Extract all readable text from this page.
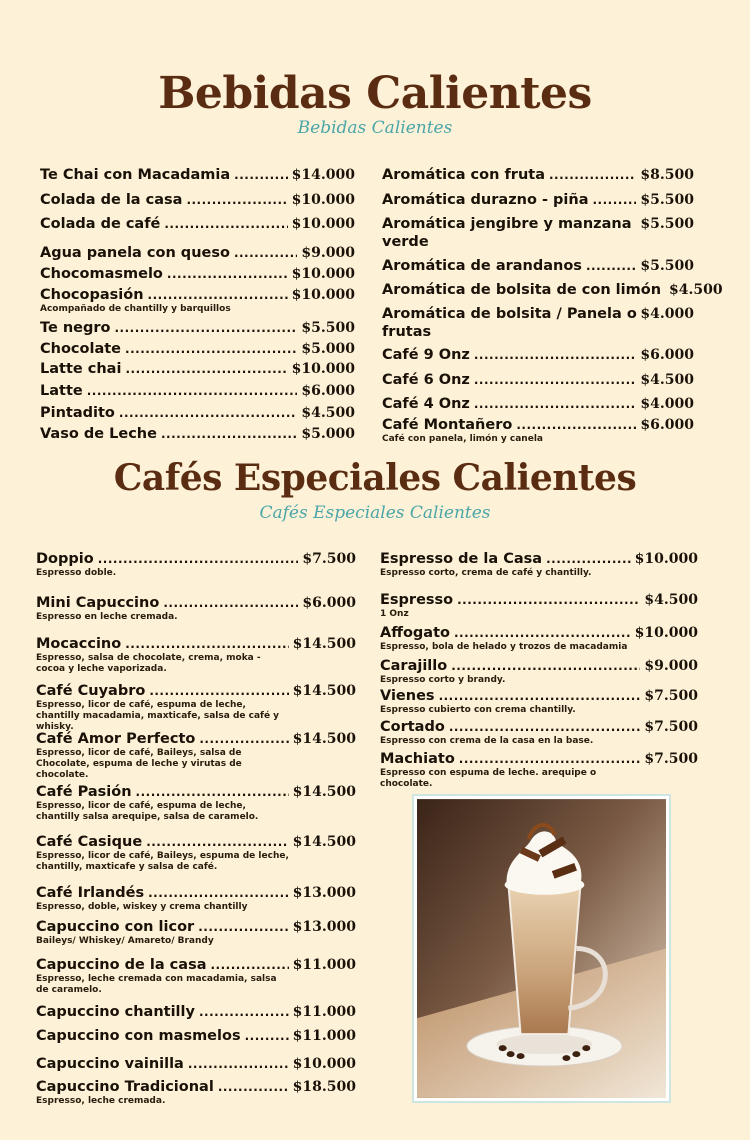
Bebidas Calientes
Bebidas Calientes
Te Chai con Macadamia .....	$14.000
Colada de la casa .....	$10.000
Colada de café .....	$10.000
Agua panela con queso .....	$9.000
Chocomasmelo .....	$10.000
Chocopasión .....	$10.000
Acompañado de chantilly y barquillos
Te negro .....	$5.500
Chocolate .....	$5.000
Latte chai .....	$10.000
Latte .....	$6.000
Pintadito .....	$4.500
Vaso de Leche .....	$5.000
Aromática con fruta .....	$8.500
Aromática durazno - piña .....	$5.500
Aromática jengibre y manzana verde
$5.500
Aromática de arandanos .....	$5.500
Aromática de bolsita de con limón $4.500
Aromática de bolsita / Panela o frutas
$4.000
Café 9 Onz .....	$6.000
Café 6 Onz .....	$4.500
Café 4 Onz .....	$4.000
Café Montañero .....	$6.000
Café con panela, limón y canela
Cafés Especiales Calientes
Cafés Especiales Calientes
Doppio .....	$7.500
Espresso doble.
Mini Capuccino .....	$6.000
Espresso en leche cremada.
Mocaccino .....	$14.500
Espresso, salsa de chocolate, crema, moka - cocoa y leche vaporizada.
Café Cuyabro .....	$14.500
Espresso, licor de café, espuma de leche, chantilly macadamia, maxticafe, salsa de café y whisky.
Café Amor Perfecto .....	$14.500
Espresso, licor de café, Baileys, salsa de Chocolate, espuma de leche y virutas de chocolate.
Café Pasión .....	$14.500
Espresso, licor de café, espuma de leche, chantilly salsa arequipe, salsa de caramelo.
Café Casique .....	$14.500
Espresso, licor de café, Baileys, espuma de leche, chantilly, maxticafe y salsa de café.
Café Irlandés .....	$13.000
Espresso, doble, wiskey y crema chantilly
Capuccino con licor .....	$13.000
Baileys/ Whiskey/ Amareto/ Brandy
Capuccino de la casa .....	$11.000
Espresso, leche cremada con macadamia, salsa de caramelo.
Capuccino chantilly .....	$11.000
Capuccino con masmelos .....	$11.000
Capuccino vainilla .....	$10.000
Capuccino Tradicional .....	$18.500
Espresso, leche cremada.
Espresso de la Casa .....	$10.000
Espresso corto, crema de café y chantilly.
Espresso .....	$4.500
1 Onz
Affogato .....	$10.000
Espresso, bola de helado y trozos de macadamia
Carajillo .....	$9.000
Espresso corto y brandy.
Vienes .....	$7.500
Espresso cubierto con crema chantilly.
Cortado .....	$7.500
Espresso con crema de la casa en la base.
Machiato .....	$7.500
Espresso con espuma de leche. arequipe o chocolate.
